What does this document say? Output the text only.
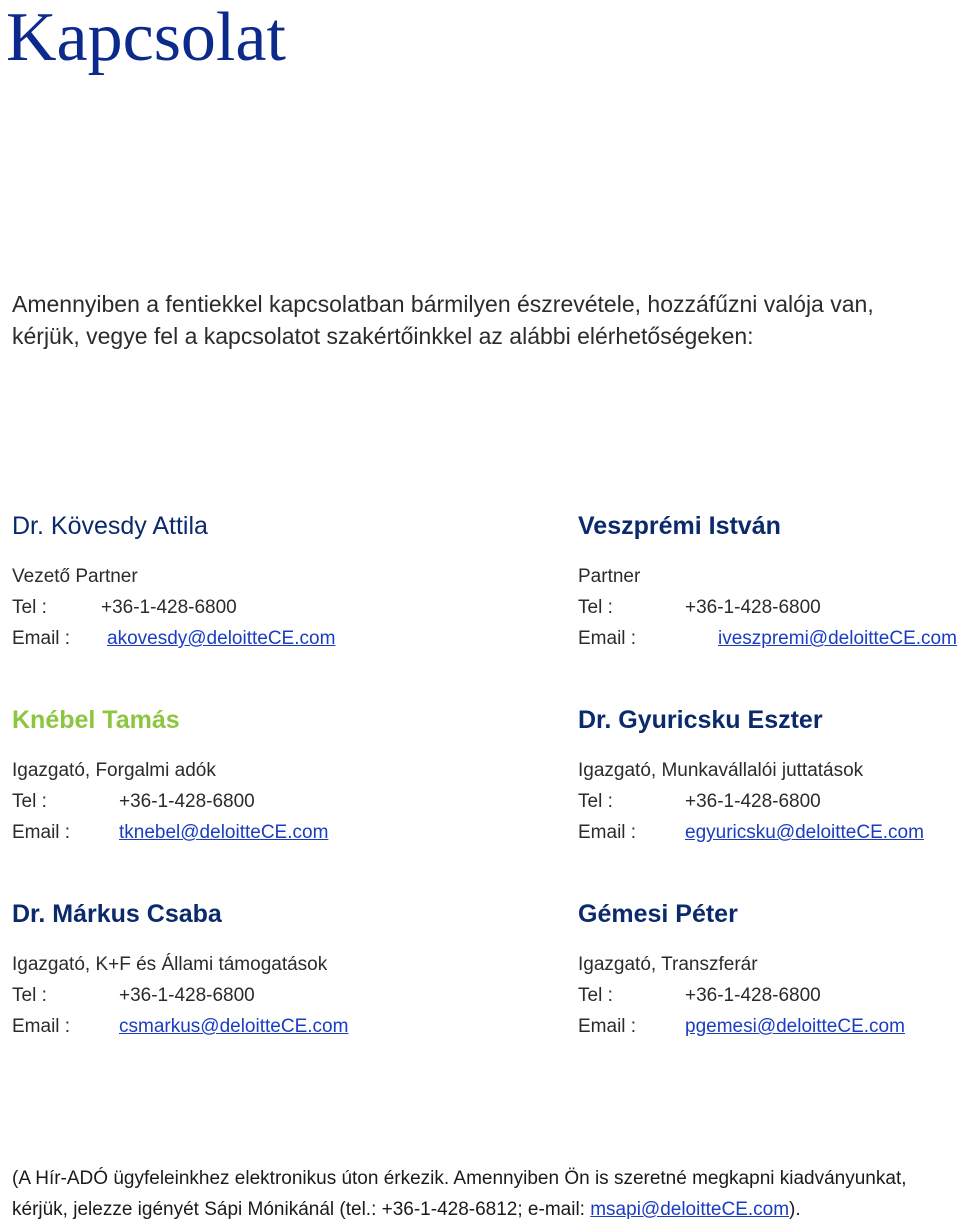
Kapcsolat
Amennyiben a fentiekkel kapcsolatban bármilyen észrevétele, hozzáfűzni valója van,
kérjük, vegye fel a kapcsolatot szakértőinkkel az alábbi elérhetőségeken:
Dr. Kövesdy Attila
Vezető Partner
Tel :	+36-1-428-6800
Email : akovesdy@deloitteCE.com
Veszprémi István
Partner
Tel :	+36-1-428-6800
Email :	iveszpremi@deloitteCE.com
Knébel Tamás
Igazgató, Forgalmi adók
Tel :	+36-1-428-6800
Email :	tknebel@deloitteCE.com
Dr. Gyuricsku Eszter
Igazgató, Munkavállalói juttatások
Tel :	+36-1-428-6800
Email :	egyuricsku@deloitteCE.com
Dr. Márkus Csaba
Igazgató, K+F és Állami támogatások
Tel :	+36-1-428-6800
Email :	csmarkus@deloitteCE.com
Gémesi Péter
Igazgató, Transzferár
Tel :	+36-1-428-6800
Email :	pgemesi@deloitteCE.com
(A Hír-ADÓ ügyfeleinkhez elektronikus úton érkezik. Amennyiben Ön is szeretné megkapni kiadványunkat,
kérjük, jelezze igényét Sápi Mónikánál (tel.: +36-1-428-6812; e-mail: msapi@deloitteCE.com).
